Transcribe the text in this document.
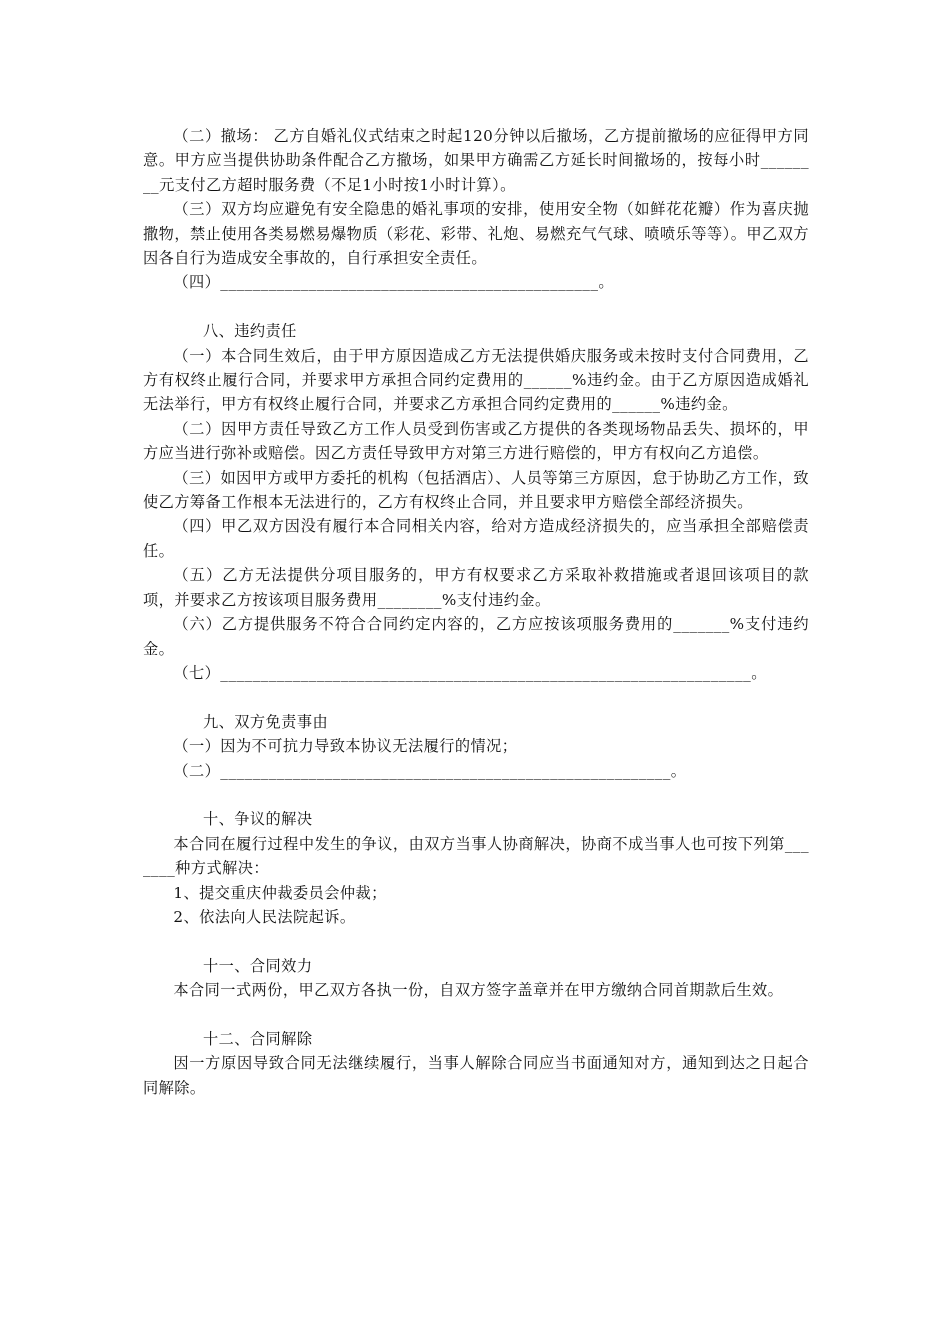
（二）撤场： 乙方自婚礼仪式结束之时起120分钟以后撤场，乙方提前撤场的应征得甲方同意。甲方应当提供协助条件配合乙方撤场，如果甲方确需乙方延长时间撤场的，按每小时________元支付乙方超时服务费（不足1小时按1小时计算）。

（三）双方均应避免有安全隐患的婚礼事项的安排，使用安全物（如鲜花花瓣）作为喜庆抛撒物，禁止使用各类易燃易爆物质（彩花、彩带、礼炮、易燃充气气球、喷喷乐等等）。甲乙双方因各自行为造成安全事故的，自行承担安全责任。

（四）_______________________________________________。

八、违约责任

（一）本合同生效后，由于甲方原因造成乙方无法提供婚庆服务或未按时支付合同费用，乙方有权终止履行合同，并要求甲方承担合同约定费用的______%违约金。由于乙方原因造成婚礼无法举行，甲方有权终止履行合同，并要求乙方承担合同约定费用的______%违约金。

（二）因甲方责任导致乙方工作人员受到伤害或乙方提供的各类现场物品丢失、损坏的，甲方应当进行弥补或赔偿。因乙方责任导致甲方对第三方进行赔偿的，甲方有权向乙方追偿。

（三）如因甲方或甲方委托的机构（包括酒店）、人员等第三方原因，怠于协助乙方工作，致使乙方筹备工作根本无法进行的，乙方有权终止合同，并且要求甲方赔偿全部经济损失。

（四）甲乙双方因没有履行本合同相关内容，给对方造成经济损失的，应当承担全部赔偿责任。

（五）乙方无法提供分项目服务的，甲方有权要求乙方采取补救措施或者退回该项目的款项，并要求乙方按该项目服务费用________%支付违约金。

（六）乙方提供服务不符合合同约定内容的，乙方应按该项服务费用的_______%支付违约金。

（七）__________________________________________________________________。

九、双方免责事由

（一）因为不可抗力导致本协议无法履行的情况；

（二）________________________________________________________。

十、争议的解决

本合同在履行过程中发生的争议，由双方当事人协商解决，协商不成当事人也可按下列第_______种方式解决：

1、提交重庆仲裁委员会仲裁；

2、依法向人民法院起诉。

十一、合同效力

本合同一式两份，甲乙双方各执一份，自双方签字盖章并在甲方缴纳合同首期款后生效。

十二、合同解除

因一方原因导致合同无法继续履行，当事人解除合同应当书面通知对方，通知到达之日起合同解除。
